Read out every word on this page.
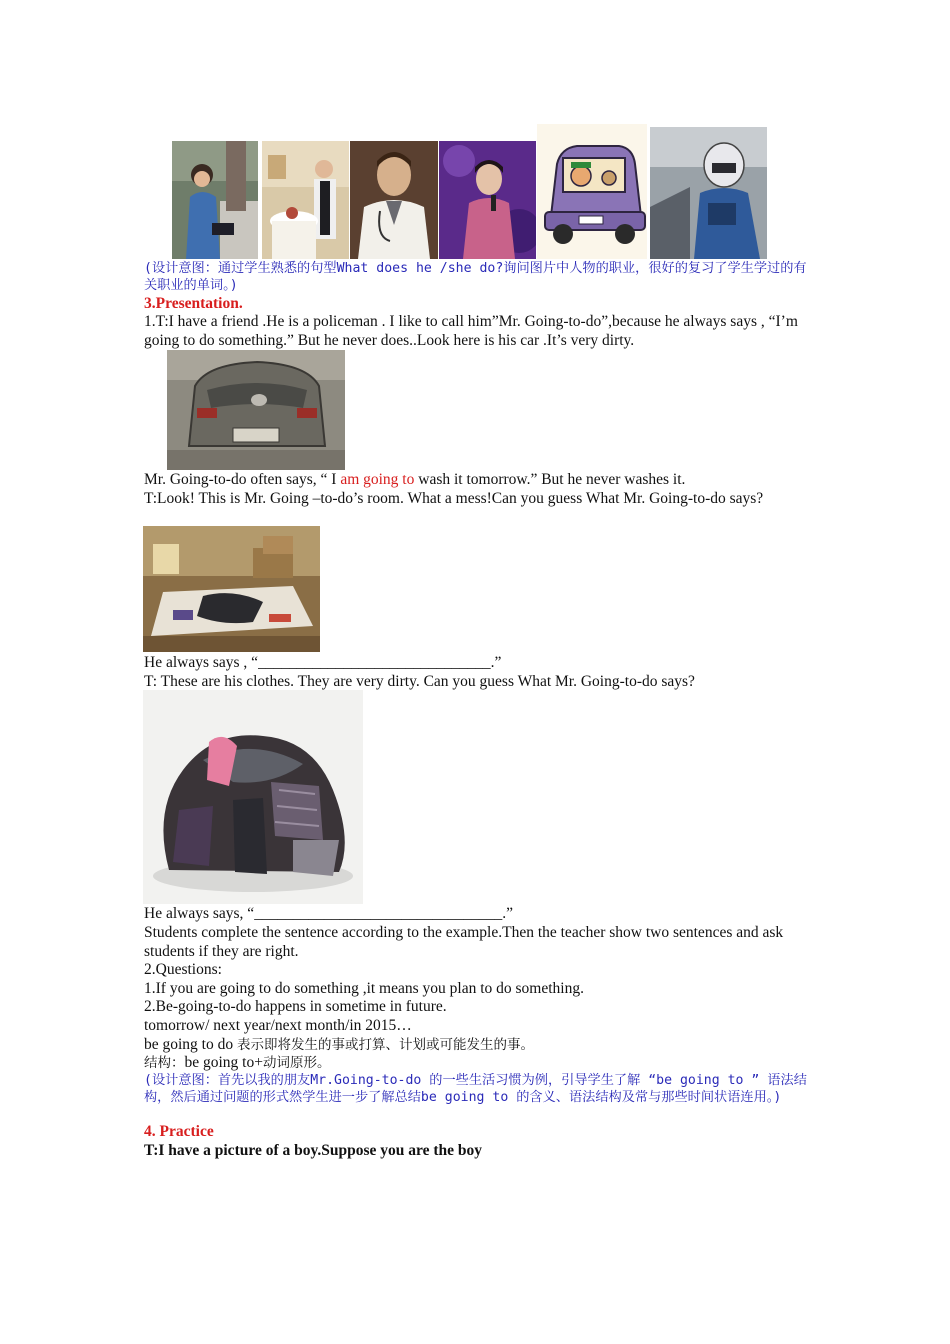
(设计意图：通过学生熟悉的句型What does he /she do?询问图片中人物的职业，很好的复习了学生学过的有关职业的单词。)
3.Presentation.
1.T:I have a friend .He is a policeman . I like to call him”Mr. Going-to-do”,because he always says , “I’m going to do something.” But he never does..Look here is his car .It’s very dirty.
Mr. Going-to-do often says, “ I am going to wash it tomorrow.” But he never washes it.
T:Look! This is Mr. Going –to-do’s room. What a mess!Can you guess What Mr. Going-to-do says?
He always says , “______________________________.”
T: These are his clothes. They are very dirty. Can you guess What Mr. Going-to-do says?
He always says, “________________________________.”
Students complete the sentence according to the example.Then the teacher show two sentences and ask students if they are right.
2.Questions:
1.If you are going to do something ,it means you plan to do something.
2.Be-going-to-do happens in sometime in future.
tomorrow/ next year/next month/in 2015…
be going to do 表示即将发生的事或打算、计划或可能发生的事。
结构：be going to+动词原形。
(设计意图：首先以我的朋友Mr.Going-to-do 的一些生活习惯为例，引导学生了解 “be going to ” 语法结构，然后通过问题的形式然学生进一步了解总结be going to 的含义、语法结构及常与那些时间状语连用。)
4. Practice
T:I have a picture of a boy.Suppose you are the boy
